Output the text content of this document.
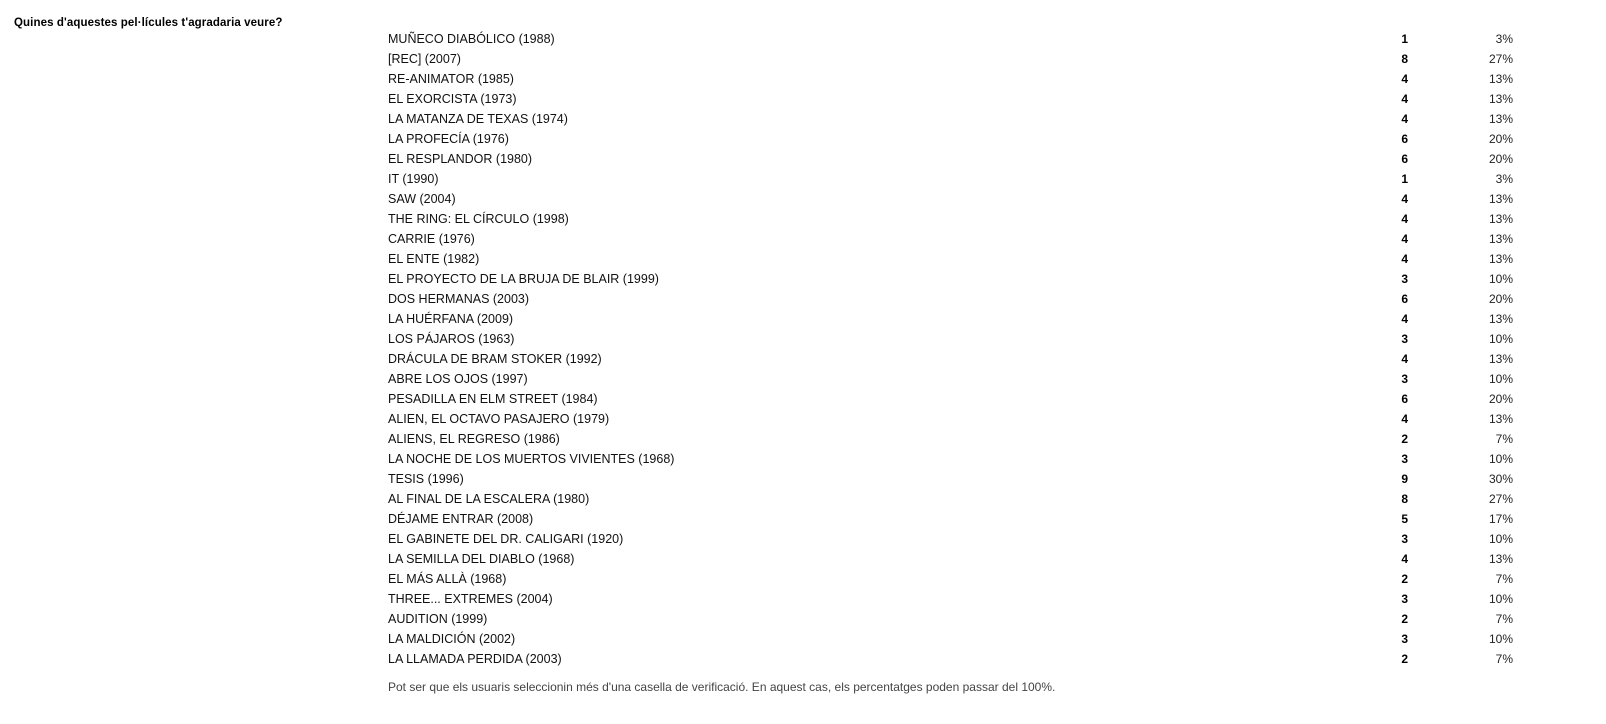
Quines d'aquestes pel·lícules t'agradaria veure?
MUÑECO DIABÓLICO (1988)	1	3%
[REC] (2007)	8	27%
RE-ANIMATOR (1985)	4	13%
EL EXORCISTA (1973)	4	13%
LA MATANZA DE TEXAS (1974)	4	13%
LA PROFECÍA (1976)	6	20%
EL RESPLANDOR (1980)	6	20%
IT (1990)	1	3%
SAW (2004)	4	13%
THE RING: EL CÍRCULO (1998)	4	13%
CARRIE (1976)	4	13%
EL ENTE (1982)	4	13%
EL PROYECTO DE LA BRUJA DE BLAIR (1999)	3	10%
DOS HERMANAS (2003)	6	20%
LA HUÉRFANA (2009)	4	13%
LOS PÁJAROS (1963)	3	10%
DRÁCULA DE BRAM STOKER (1992)	4	13%
ABRE LOS OJOS (1997)	3	10%
PESADILLA EN ELM STREET (1984)	6	20%
ALIEN, EL OCTAVO PASAJERO (1979)	4	13%
ALIENS, EL REGRESO (1986)	2	7%
LA NOCHE DE LOS MUERTOS VIVIENTES (1968)	3	10%
TESIS (1996)	9	30%
AL FINAL DE LA ESCALERA (1980)	8	27%
DÉJAME ENTRAR (2008)	5	17%
EL GABINETE DEL DR. CALIGARI (1920)	3	10%
LA SEMILLA DEL DIABLO (1968)	4	13%
EL MÁS ALLÀ (1968)	2	7%
THREE... EXTREMES (2004)	3	10%
AUDITION (1999)	2	7%
LA MALDICIÓN (2002)	3	10%
LA LLAMADA PERDIDA (2003)	2	7%
Pot ser que els usuaris seleccionin més d'una casella de verificació. En aquest cas, els percentatges poden passar del 100%.
